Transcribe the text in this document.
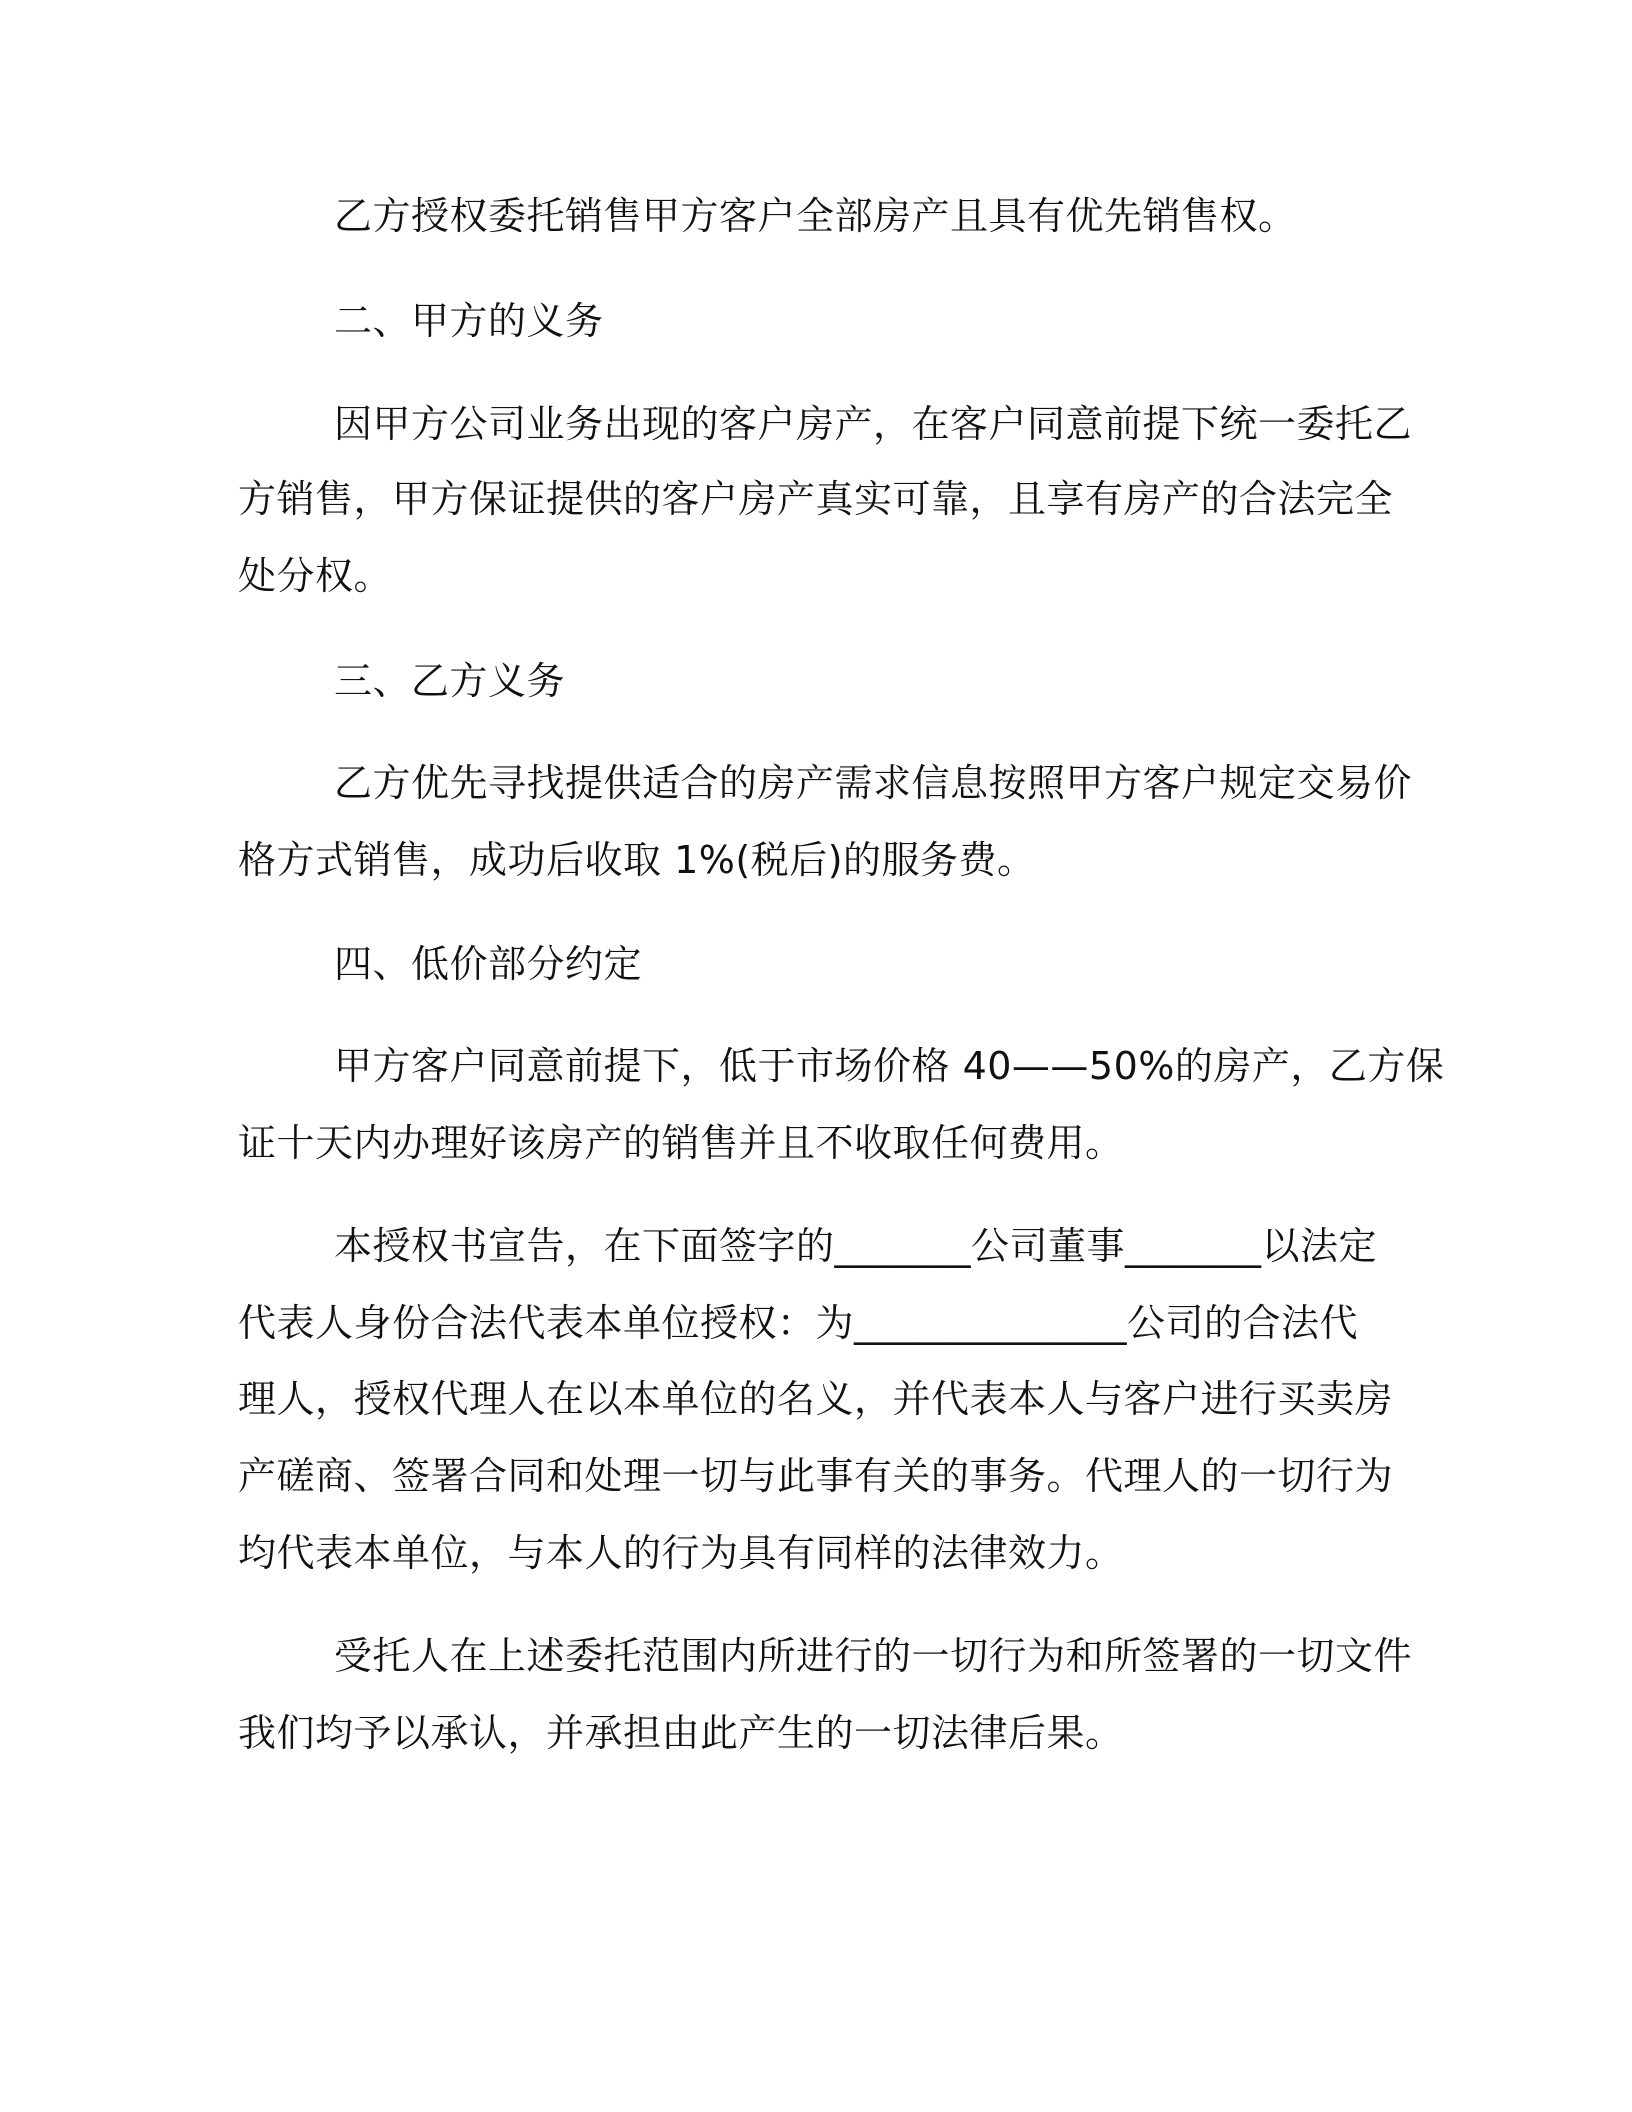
乙方授权委托销售甲方客户全部房产且具有优先销售权。
二、甲方的义务
因甲方公司业务出现的客户房产，在客户同意前提下统一委托乙
方销售，甲方保证提供的客户房产真实可靠，且享有房产的合法完全
处分权。
三、乙方义务
乙方优先寻找提供适合的房产需求信息按照甲方客户规定交易价
格方式销售，成功后收取 1%(税后)的服务费。
四、低价部分约定
甲方客户同意前提下，低于市场价格 40——50%的房产，乙方保
证十天内办理好该房产的销售并且不收取任何费用。
本授权书宣告，在下面签字的_______公司董事_______以法定
代表人身份合法代表本单位授权：为______________公司的合法代
理人，授权代理人在以本单位的名义，并代表本人与客户进行买卖房
产磋商、签署合同和处理一切与此事有关的事务。代理人的一切行为
均代表本单位，与本人的行为具有同样的法律效力。
受托人在上述委托范围内所进行的一切行为和所签署的一切文件
我们均予以承认，并承担由此产生的一切法律后果。
